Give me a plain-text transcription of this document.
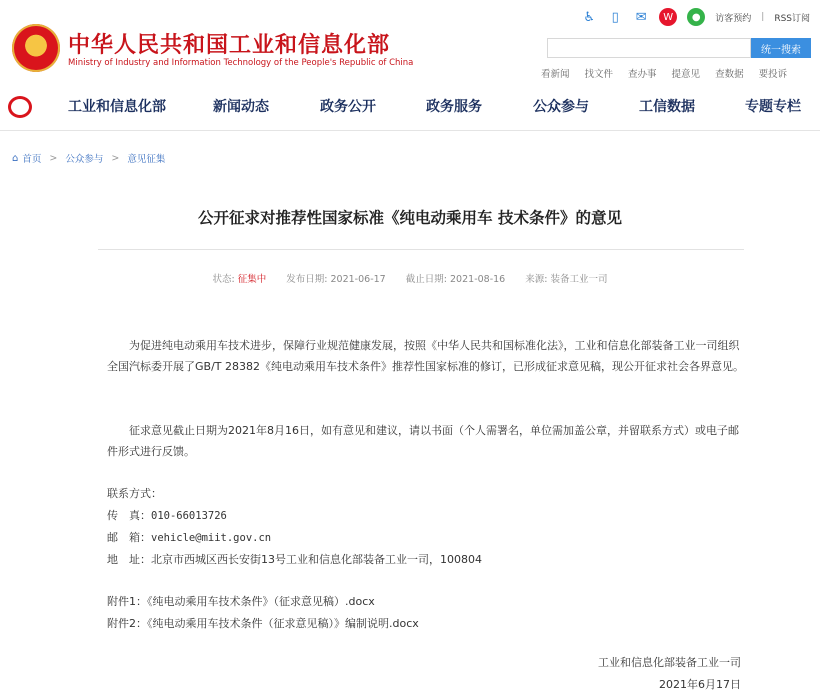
中华人民共和国工业和信息化部
Ministry of Industry and Information Technology of the People's Republic of China
♿	▯	✉	W	●	访客预约 | RSS订阅
统一搜索
看新闻 找文件 查办事 提意见 查数据 要投诉
工业和信息化部	新闻动态	政务公开	政务服务	公众参与	工信数据	专题专栏
⌂ 首页 > 公众参与 > 意见征集
公开征求对推荐性国家标准《纯电动乘用车 技术条件》的意见
状态: 征集中 发布日期: 2021-06-17 截止日期: 2021-08-16 来源: 装备工业一司
为促进纯电动乘用车技术进步，保障行业规范健康发展，按照《中华人民共和国标准化法》，工业和信息化部装备工业一司组织全国汽标委开展了GB/T 28382《纯电动乘用车技术条件》推荐性国家标准的修订，已形成征求意见稿，现公开征求社会各界意见。
征求意见截止日期为2021年8月16日，如有意见和建议，请以书面（个人需署名，单位需加盖公章，并留联系方式）或电子邮件形式进行反馈。
联系方式：
传　真：010-66013726
邮　箱：vehicle@miit.gov.cn
地　址：北京市西城区西长安街13号工业和信息化部装备工业一司，100804
附件1：《纯电动乘用车技术条件》（征求意见稿）.docx
附件2：《纯电动乘用车技术条件（征求意见稿）》编制说明.docx
工业和信息化部装备工业一司
2021年6月17日
